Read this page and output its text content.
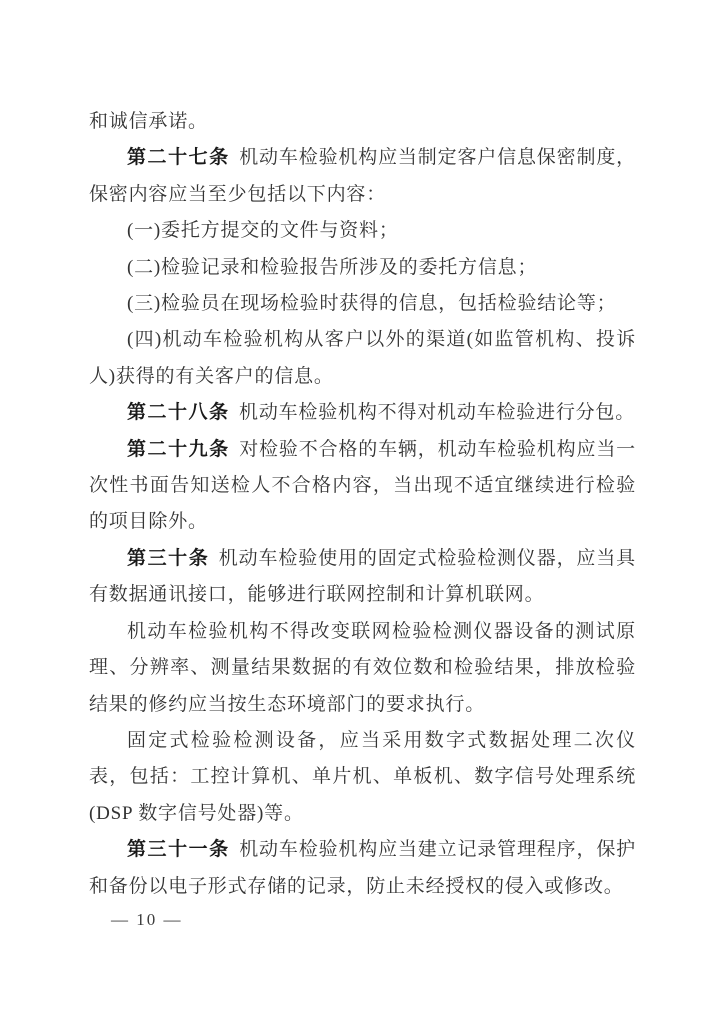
和诚信承诺。

第二十七条 机动车检验机构应当制定客户信息保密制度，保密内容应当至少包括以下内容：

(一)委托方提交的文件与资料；

(二)检验记录和检验报告所涉及的委托方信息；

(三)检验员在现场检验时获得的信息，包括检验结论等；

(四)机动车检验机构从客户以外的渠道(如监管机构、投诉人)获得的有关客户的信息。

第二十八条 机动车检验机构不得对机动车检验进行分包。

第二十九条 对检验不合格的车辆，机动车检验机构应当一次性书面告知送检人不合格内容，当出现不适宜继续进行检验的项目除外。

第三十条 机动车检验使用的固定式检验检测仪器，应当具有数据通讯接口，能够进行联网控制和计算机联网。

机动车检验机构不得改变联网检验检测仪器设备的测试原理、分辨率、测量结果数据的有效位数和检验结果，排放检验结果的修约应当按生态环境部门的要求执行。

固定式检验检测设备，应当采用数字式数据处理二次仪表，包括：工控计算机、单片机、单板机、数字信号处理系统(DSP 数字信号处器)等。

第三十一条 机动车检验机构应当建立记录管理程序，保护和备份以电子形式存储的记录，防止未经授权的侵入或修改。

— 10 —
